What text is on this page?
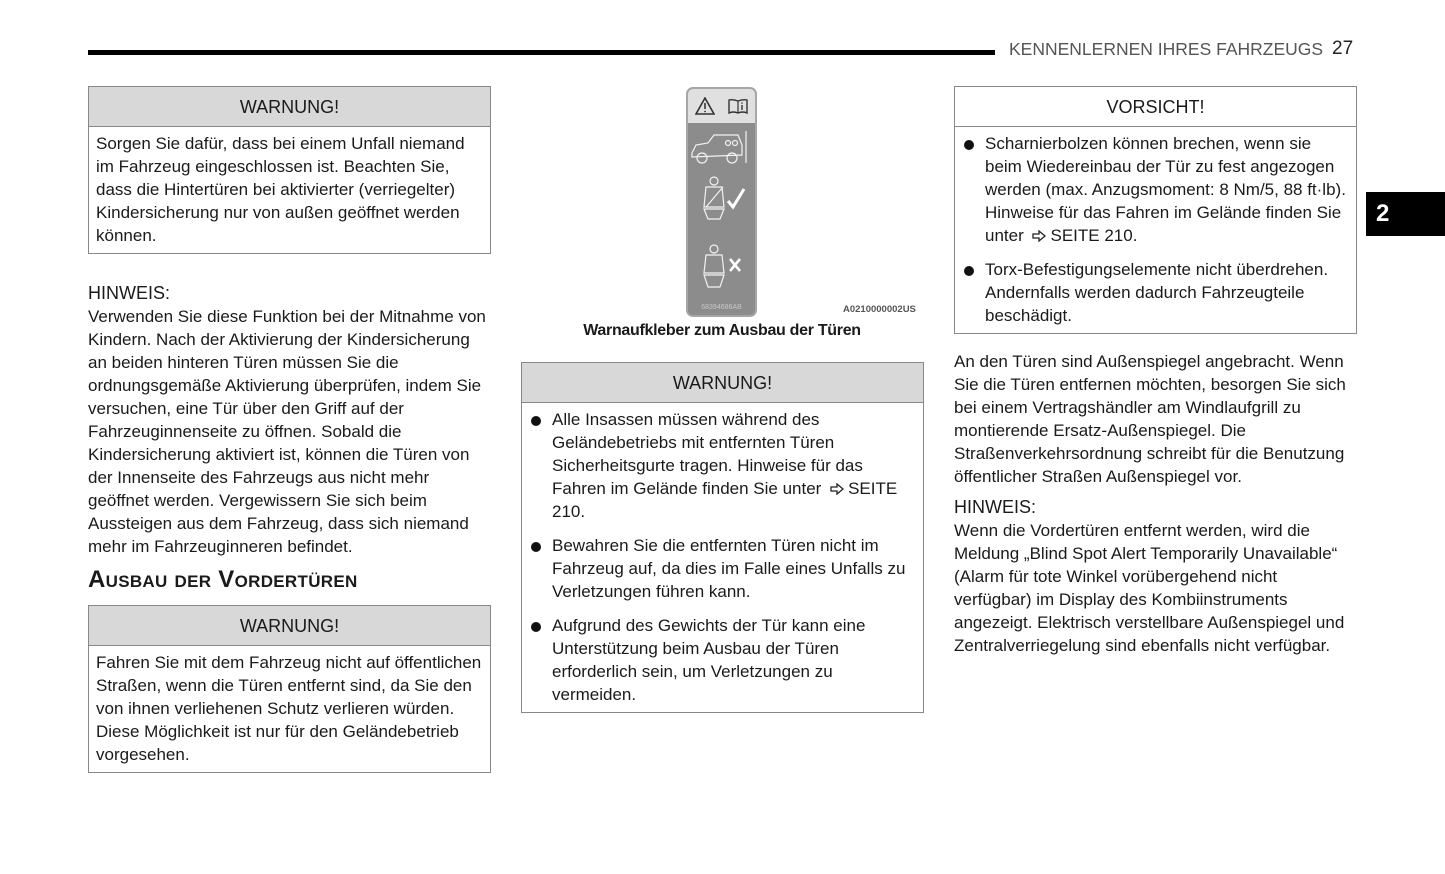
KENNENLERNEN IHRES FAHRZEUGS 27
2
WARNUNG!
Sorgen Sie dafür, dass bei einem Unfall niemand im Fahrzeug eingeschlossen ist. Beachten Sie, dass die Hintertüren bei aktivierter (verriegelter) Kindersicherung nur von außen geöffnet werden können.
HINWEIS:
Verwenden Sie diese Funktion bei der Mitnahme von Kindern. Nach der Aktivierung der Kindersicherung an beiden hinteren Türen müssen Sie die ordnungsgemäße Aktivierung überprüfen, indem Sie versuchen, eine Tür über den Griff auf der Fahrzeuginnenseite zu öffnen. Sobald die Kindersicherung aktiviert ist, können die Türen von der Innenseite des Fahrzeugs aus nicht mehr geöffnet werden. Vergewissern Sie sich beim Aussteigen aus dem Fahrzeug, dass sich niemand mehr im Fahrzeuginneren befindet.
Ausbau der Vordertüren
WARNUNG!
Fahren Sie mit dem Fahrzeug nicht auf öffentlichen Straßen, wenn die Türen entfernt sind, da Sie den von ihnen verliehenen Schutz verlieren würden. Diese Möglichkeit ist nur für den Geländebetrieb vorgesehen.
68394686AB	A0210000002US
Warnaufkleber zum Ausbau der Türen
WARNUNG!
Alle Insassen müssen während des Geländebetriebs mit entfernten Türen Sicherheitsgurte tragen. Hinweise für das Fahren im Gelände finden Sie unter SEITE 210.
Bewahren Sie die entfernten Türen nicht im Fahrzeug auf, da dies im Falle eines Unfalls zu Verletzungen führen kann.
Aufgrund des Gewichts der Tür kann eine Unterstützung beim Ausbau der Türen erforderlich sein, um Verletzungen zu vermeiden.
VORSICHT!
Scharnierbolzen können brechen, wenn sie beim Wiedereinbau der Tür zu fest angezogen werden (max. Anzugsmoment: 8 Nm/5, 88 ft·lb). Hinweise für das Fahren im Gelände finden Sie unter SEITE 210.
Torx-Befestigungselemente nicht überdrehen. Andernfalls werden dadurch Fahrzeugteile beschädigt.
An den Türen sind Außenspiegel angebracht. Wenn Sie die Türen entfernen möchten, besorgen Sie sich bei einem Vertragshändler am Windlaufgrill zu montierende Ersatz-Außenspiegel. Die Straßenverkehrsordnung schreibt für die Benutzung öffentlicher Straßen Außenspiegel vor.
HINWEIS:
Wenn die Vordertüren entfernt werden, wird die Meldung „Blind Spot Alert Temporarily Unavailable“ (Alarm für tote Winkel vorübergehend nicht verfügbar) im Display des Kombiinstruments angezeigt. Elektrisch verstellbare Außenspiegel und Zentralverriegelung sind ebenfalls nicht verfügbar.
